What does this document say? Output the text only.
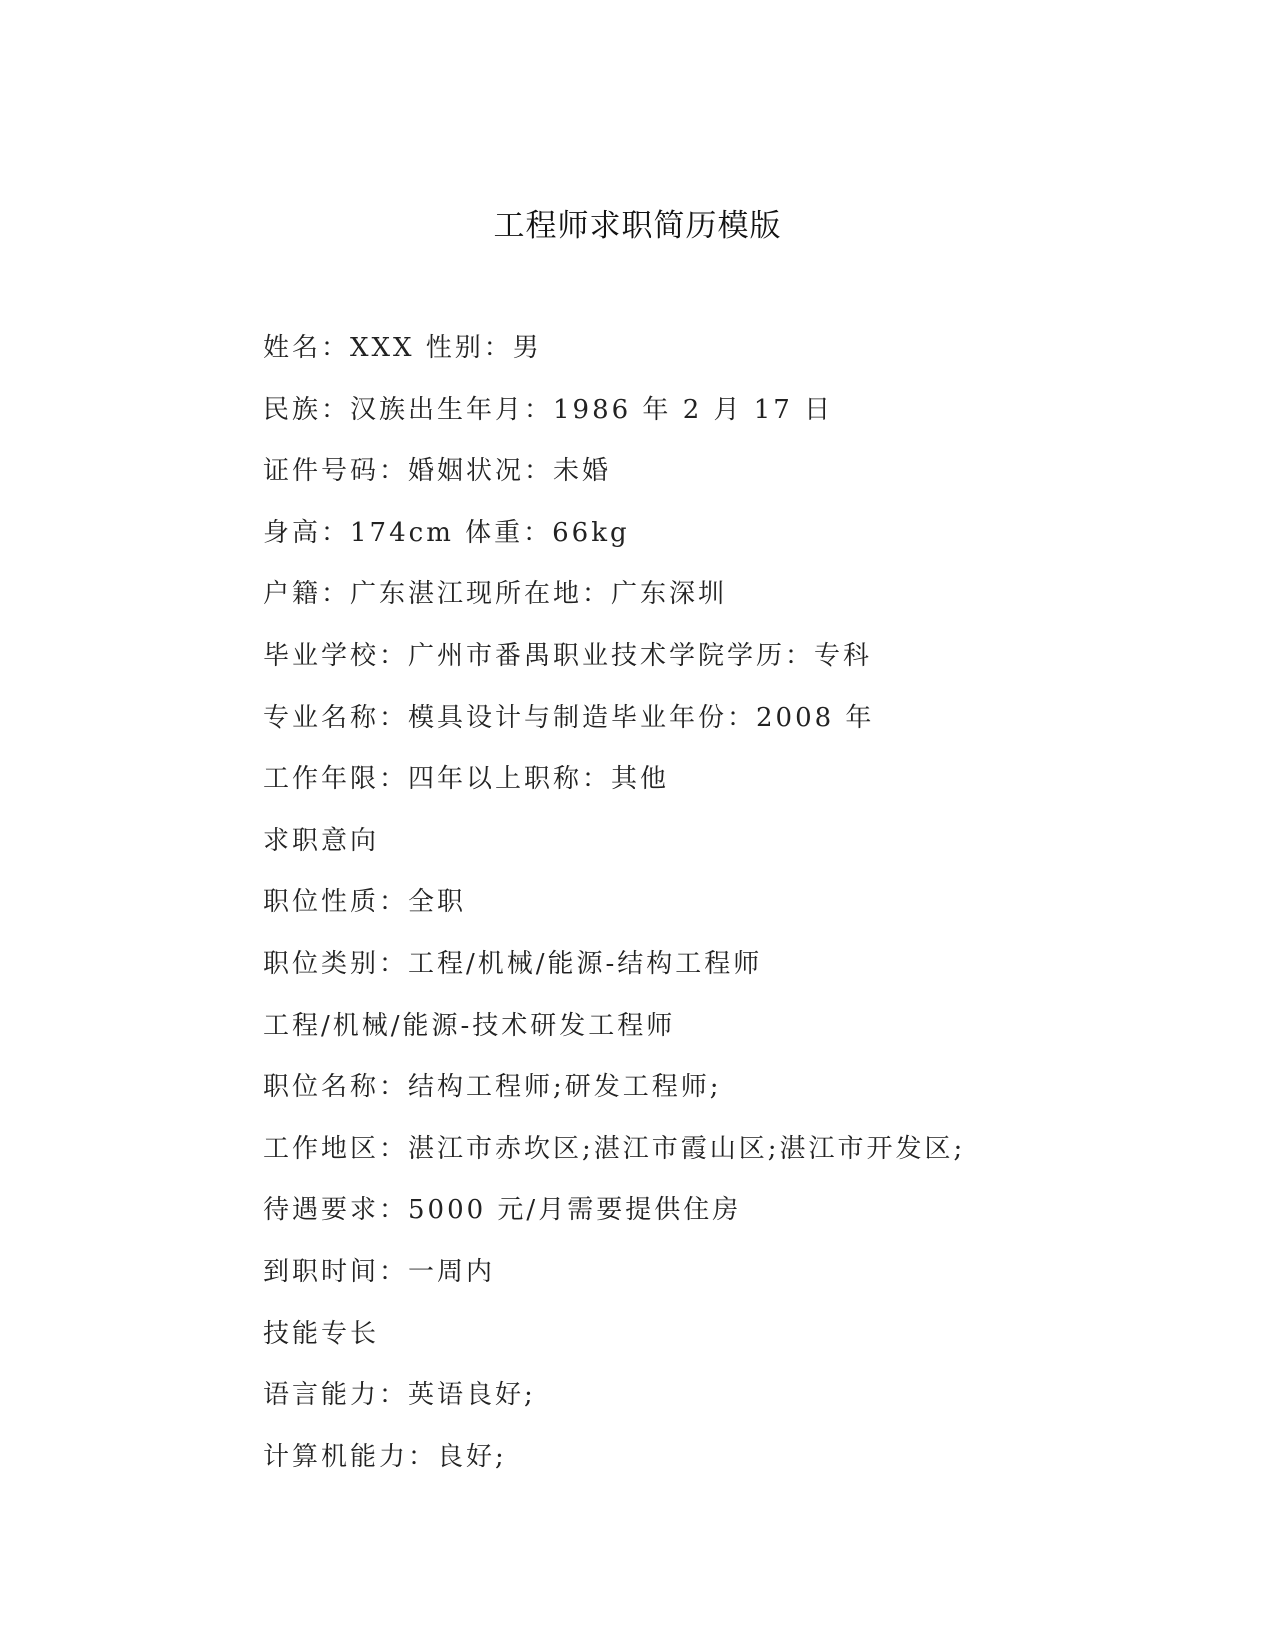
工程师求职简历模版
姓名：XXX 性别：男
民族：汉族出生年月：1986 年 2 月 17 日
证件号码：婚姻状况：未婚
身高：174cm 体重：66kg
户籍：广东湛江现所在地：广东深圳
毕业学校：广州市番禺职业技术学院学历：专科
专业名称：模具设计与制造毕业年份：2008 年
工作年限：四年以上职称：其他
求职意向
职位性质：全职
职位类别：工程/机械/能源-结构工程师
工程/机械/能源-技术研发工程师
职位名称：结构工程师;研发工程师;
工作地区：湛江市赤坎区;湛江市霞山区;湛江市开发区;
待遇要求：5000 元/月需要提供住房
到职时间：一周内
技能专长
语言能力：英语良好;
计算机能力：良好;
